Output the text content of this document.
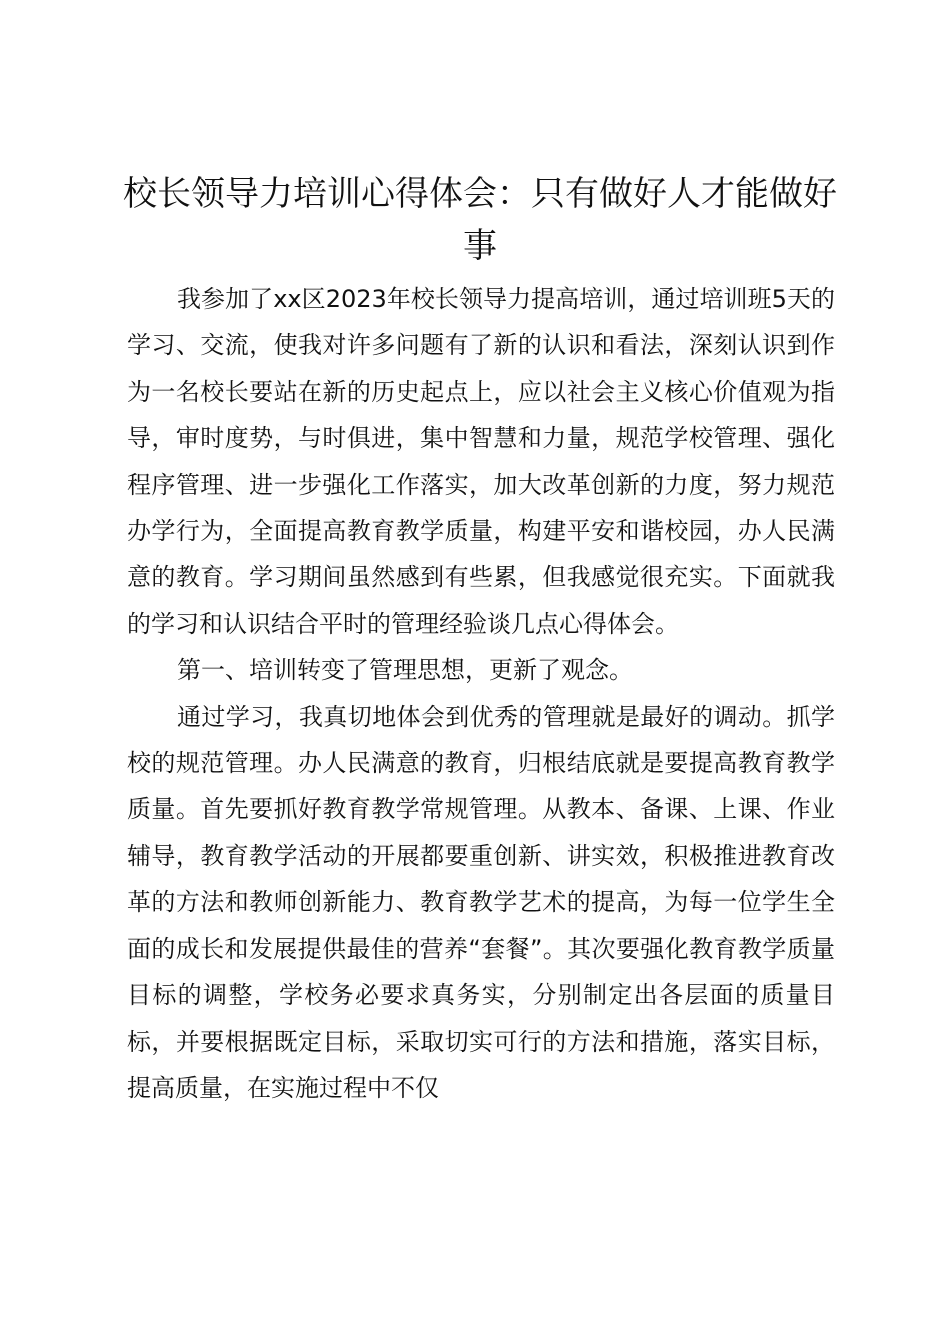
校长领导力培训心得体会：只有做好人才能做好事

我参加了xx区2023年校长领导力提高培训，通过培训班5天的学习、交流，使我对许多问题有了新的认识和看法，深刻认识到作为一名校长要站在新的历史起点上，应以社会主义核心价值观为指导，审时度势，与时俱进，集中智慧和力量，规范学校管理、强化程序管理、进一步强化工作落实，加大改革创新的力度，努力规范办学行为，全面提高教育教学质量，构建平安和谐校园，办人民满意的教育。学习期间虽然感到有些累，但我感觉很充实。下面就我的学习和认识结合平时的管理经验谈几点心得体会。

第一、培训转变了管理思想，更新了观念。

通过学习，我真切地体会到优秀的管理就是最好的调动。抓学校的规范管理。办人民满意的教育，归根结底就是要提高教育教学质量。首先要抓好教育教学常规管理。从教本、备课、上课、作业辅导，教育教学活动的开展都要重创新、讲实效，积极推进教育改革的方法和教师创新能力、教育教学艺术的提高，为每一位学生全面的成长和发展提供最佳的营养“套餐”。其次要强化教育教学质量目标的调整，学校务必要求真务实，分别制定出各层面的质量目标，并要根据既定目标，采取切实可行的方法和措施，落实目标，提高质量，在实施过程中不仅
